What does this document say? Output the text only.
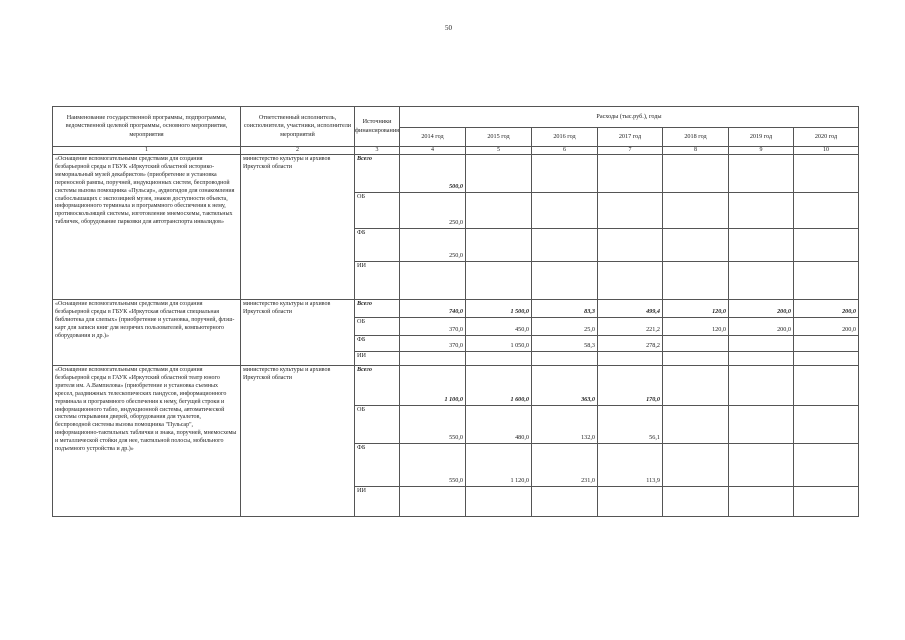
50
Наименование государственной программы, подпрограммы, ведомственной целевой программы, основного мероприятия, мероприятия	Ответственный исполнитель, соисполнители, участники, исполнители мероприятий	Источники финансирования	Расходы (тыс.руб.), годы						
			2014 год	2015 год	2016 год	2017 год	2018 год	2019 год	2020 год
1	2	3	4	5	6	7	8	9	10
«Оснащение вспомогательными средствами для создания безбарьерной среды в ГБУК «Иркутский областной историко-мемориальный музей декабристов» (приобретение и установка переносной рампы, поручней, индукционных систем, беспроводной системы вызова помощника «Пульсар», аудиогидов для ознакомления слабослышащих с экспозицией музея, знаков доступности объекта, информационного терминала и программного обеспечения к нему, противоскользящей системы, изготовление мнемосхемы, тактильных табличек, оборудование парковки для автотранспорта инвалидов»	министерство культуры и архивов Иркутской области	Всего	500,0						
		ОБ	250,0						
		ФБ	250,0						
		ИИ							
«Оснащение вспомогательными средствами для создания безбарьерной среды в ГБУК «Иркутская областная специальная библиотека для слепых» (приобретение и установка, поручней, флэш-карт для записи книг для незрячих пользователей, компьютерного оборудования и др.)»	министерство культуры и архивов Иркутской области	Всего	740,0	1 500,0	83,3	499,4	120,0	200,0	200,0
		ОБ	370,0	450,0	25,0	221,2	120,0	200,0	200,0
		ФБ	370,0	1 050,0	58,3	278,2			
		ИИ							
«Оснащение вспомогательными средствами для создания безбарьерной среды в ГАУК «Иркутский областной театр юного зрителя им. А.Вампилова» (приобретение и установка съемных кресел, раздвижных телескопических пандусов, информационного терминала и программного обеспечения к нему, бегущей строки и информационного табло, индукционной системы, автоматической системы открывания дверей, оборудования для туалетов, беспроводной системы вызова помощника "Пульсар", информационно-тактильных таблички и знака, поручней, мнемосхемы и металлической стойки для нее, тактильной полосы, мобильного подъемного устройства и др.)»	министерство культуры и архивов Иркутской области	Всего	1 100,0	1 600,0	363,0	170,0			
		ОБ	550,0	480,0	132,0	56,1			
		ФБ	550,0	1 120,0	231,0	113,9			
		ИИ							
